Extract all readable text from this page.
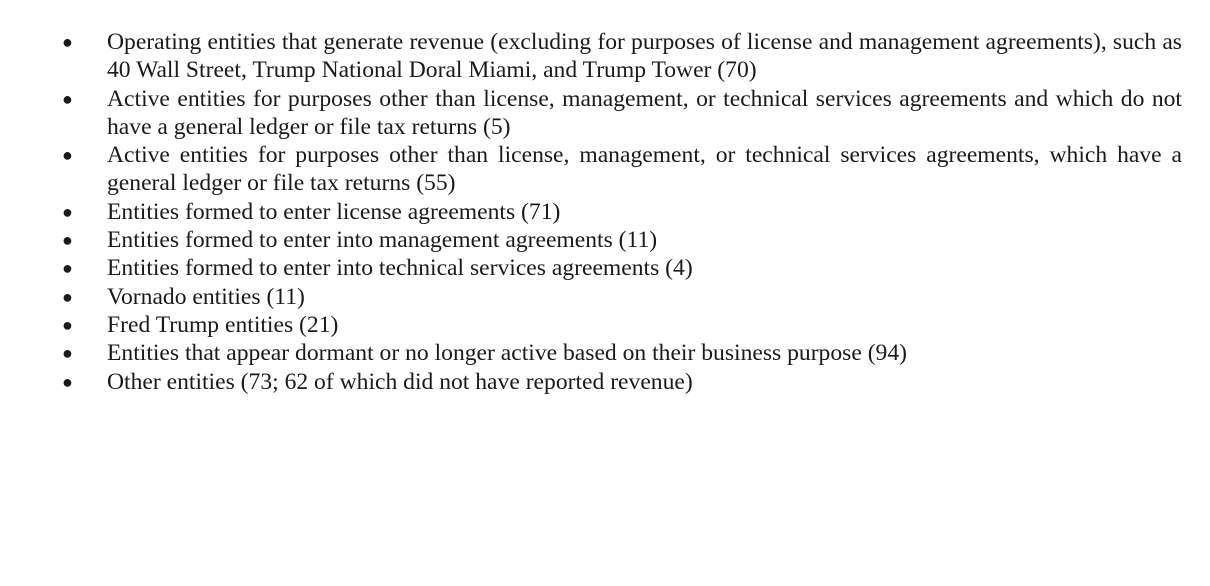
● Operating entities that generate revenue (excluding for purposes of license and management agreements), such as 40 Wall Street, Trump National Doral Miami, and Trump Tower (70)
● Active entities for purposes other than license, management, or technical services agreements and which do not have a general ledger or file tax returns (5)
● Active entities for purposes other than license, management, or technical services agreements, which have a general ledger or file tax returns (55)
● Entities formed to enter license agreements (71)
● Entities formed to enter into management agreements (11)
● Entities formed to enter into technical services agreements (4)
● Vornado entities (11)
● Fred Trump entities (21)
● Entities that appear dormant or no longer active based on their business purpose (94)
● Other entities (73; 62 of which did not have reported revenue)
